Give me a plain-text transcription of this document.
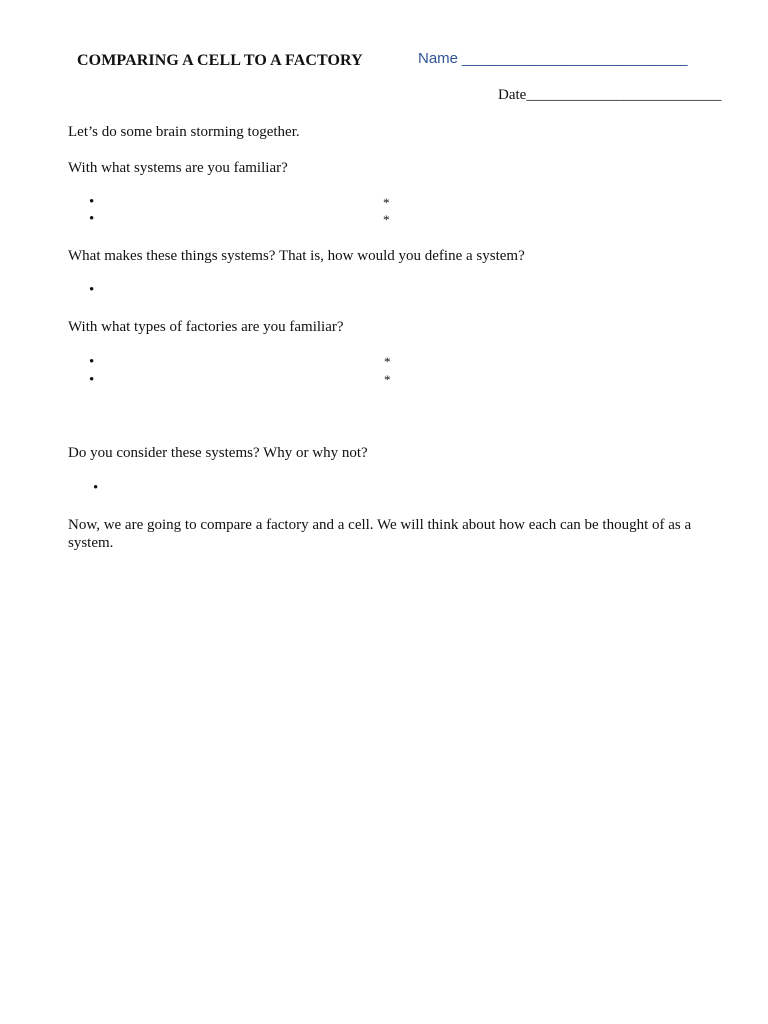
COMPARING A CELL TO A FACTORY	Name ___________________________
Date__________________________
Let’s do some brain storming together.
With what systems are you familiar?
•	*
•	*
What makes these things systems? That is, how would you define a system?
•
With what types of factories are you familiar?
•	*
•	*
Do you consider these systems? Why or why not?
•
Now, we are going to compare a factory and a cell. We will think about how each can be thought of as a system.
